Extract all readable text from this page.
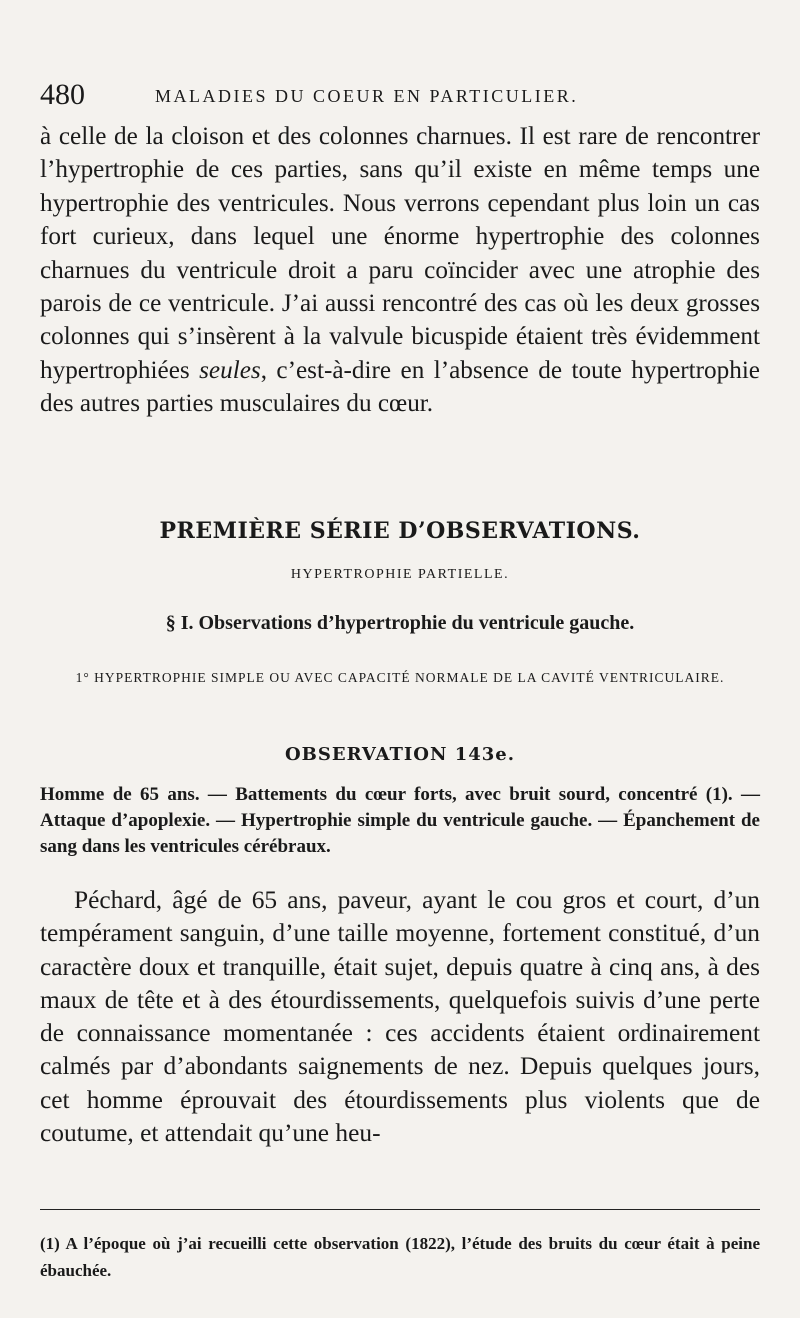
480	MALADIES DU COEUR EN PARTICULIER.

à celle de la cloison et des colonnes charnues. Il est rare de rencontrer l’hypertrophie de ces parties, sans qu’il existe en même temps une hypertrophie des ventricules. Nous verrons cependant plus loin un cas fort curieux, dans lequel une énorme hypertrophie des colonnes charnues du ventricule droit a paru coïncider avec une atrophie des parois de ce ventricule. J’ai aussi rencontré des cas où les deux grosses colonnes qui s’insèrent à la valvule bicuspide étaient très évidemment hypertrophiées seules, c’est-à-dire en l’absence de toute hypertrophie des autres parties musculaires du cœur.

PREMIÈRE SÉRIE D’OBSERVATIONS.
HYPERTROPHIE PARTIELLE.
§ I. Observations d’hypertrophie du ventricule gauche.
1° HYPERTROPHIE SIMPLE OU AVEC CAPACITÉ NORMALE DE LA CAVITÉ VENTRICULAIRE.
OBSERVATION 143e.

Homme de 65 ans. — Battements du cœur forts, avec bruit sourd, concentré (1). — Attaque d’apoplexie. — Hypertrophie simple du ventricule gauche. — Épanchement de sang dans les ventricules cérébraux.

Péchard, âgé de 65 ans, paveur, ayant le cou gros et court, d’un tempérament sanguin, d’une taille moyenne, fortement constitué, d’un caractère doux et tranquille, était sujet, depuis quatre à cinq ans, à des maux de tête et à des étourdissements, quelquefois suivis d’une perte de connaissance momentanée : ces accidents étaient ordinairement calmés par d’abondants saignements de nez. Depuis quelques jours, cet homme éprouvait des étourdissements plus violents que de coutume, et attendait qu’une heu-

(1) A l’époque où j’ai recueilli cette observation (1822), l’étude des bruits du cœur était à peine ébauchée.
